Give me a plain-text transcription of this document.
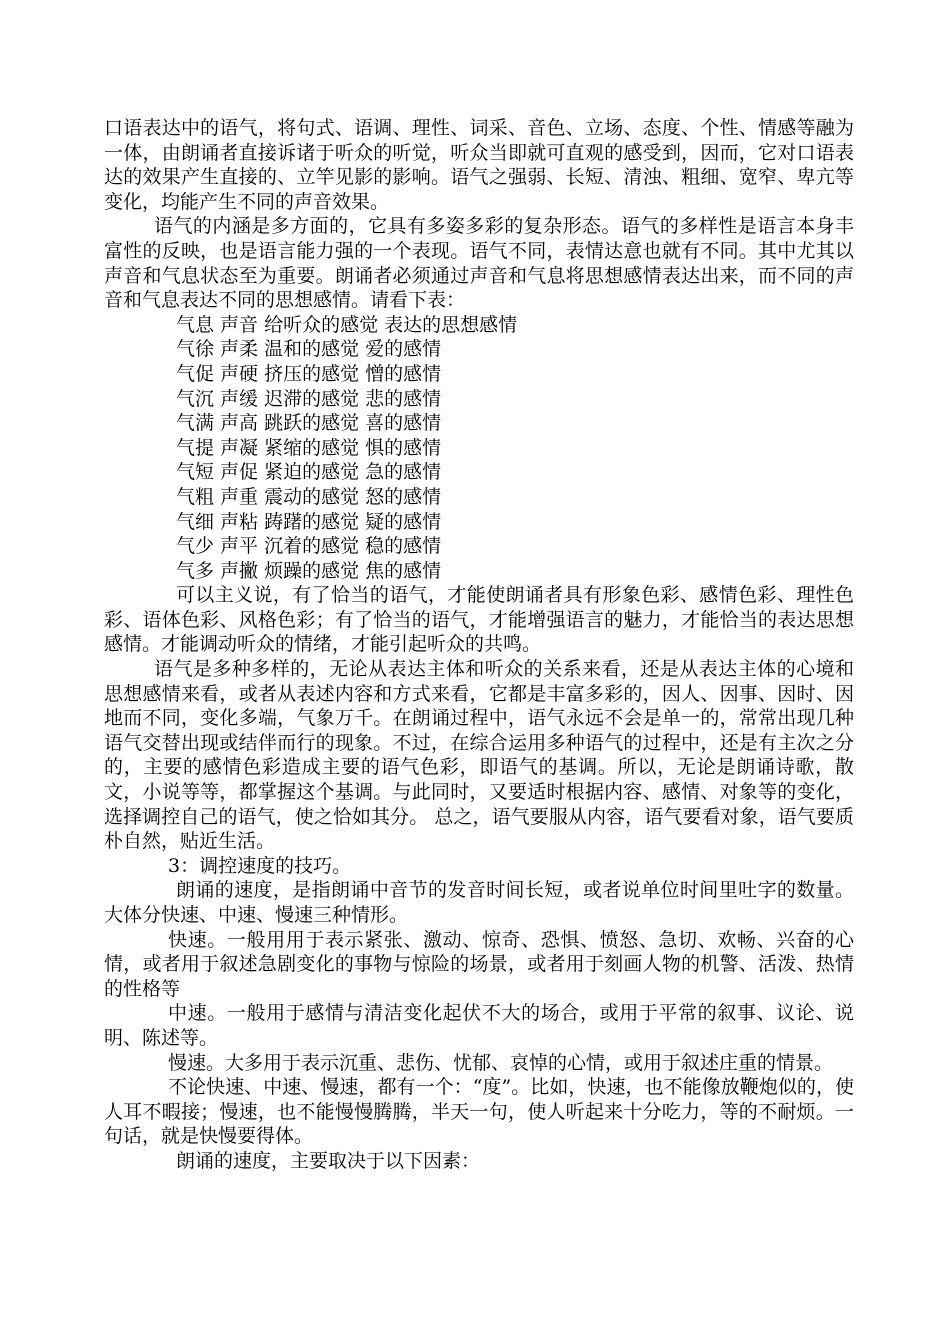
口语表达中的语气，将句式、语调、理性、词采、音色、立场、态度、个性、情感等融为一体，由朗诵者直接诉诸于听众的听觉，听众当即就可直观的感受到，因而，它对口语表达的效果产生直接的、立竿见影的影响。语气之强弱、长短、清浊、粗细、宽窄、卑亢等变化，均能产生不同的声音效果。

语气的内涵是多方面的，它具有多姿多彩的复杂形态。语气的多样性是语言本身丰富性的反映，也是语言能力强的一个表现。语气不同，表情达意也就有不同。其中尤其以声音和气息状态至为重要。朗诵者必须通过声音和气息将思想感情表达出来，而不同的声音和气息表达不同的思想感情。请看下表：

气息 声音 给听众的感觉 表达的思想感情
气徐 声柔 温和的感觉 爱的感情
气促 声硬 挤压的感觉 憎的感情
气沉 声缓 迟滞的感觉 悲的感情
气满 声高 跳跃的感觉 喜的感情
气提 声凝 紧缩的感觉 惧的感情
气短 声促 紧迫的感觉 急的感情
气粗 声重 震动的感觉 怒的感情
气细 声粘 踌躇的感觉 疑的感情
气少 声平 沉着的感觉 稳的感情
气多 声撇 烦躁的感觉 焦的感情

可以主义说，有了恰当的语气，才能使朗诵者具有形象色彩、感情色彩、理性色彩、语体色彩、风格色彩；有了恰当的语气，才能增强语言的魅力，才能恰当的表达思想感情。才能调动听众的情绪，才能引起听众的共鸣。

语气是多种多样的，无论从表达主体和听众的关系来看，还是从表达主体的心境和思想感情来看，或者从表述内容和方式来看，它都是丰富多彩的，因人、因事、因时、因地而不同，变化多端，气象万千。在朗诵过程中，语气永远不会是单一的，常常出现几种语气交替出现或结伴而行的现象。不过，在综合运用多种语气的过程中，还是有主次之分的，主要的感情色彩造成主要的语气色彩，即语气的基调。所以，无论是朗诵诗歌，散文，小说等等，都掌握这个基调。与此同时，又要适时根据内容、感情、对象等的变化，选择调控自己的语气，使之恰如其分。 总之，语气要服从内容，语气要看对象，语气要质朴自然，贴近生活。

3：调控速度的技巧。

朗诵的速度，是指朗诵中音节的发音时间长短，或者说单位时间里吐字的数量。大体分快速、中速、慢速三种情形。

快速。一般用用于表示紧张、激动、惊奇、恐惧、愤怒、急切、欢畅、兴奋的心情，或者用于叙述急剧变化的事物与惊险的场景，或者用于刻画人物的机警、活泼、热情的性格等

中速。一般用于感情与清洁变化起伏不大的场合，或用于平常的叙事、议论、说明、陈述等。

慢速。大多用于表示沉重、悲伤、忧郁、哀悼的心情，或用于叙述庄重的情景。

不论快速、中速、慢速，都有一个：“度”。比如，快速，也不能像放鞭炮似的，使人耳不暇接；慢速，也不能慢慢腾腾，半天一句，使人听起来十分吃力，等的不耐烦。一句话，就是快慢要得体。

朗诵的速度，主要取决于以下因素：
